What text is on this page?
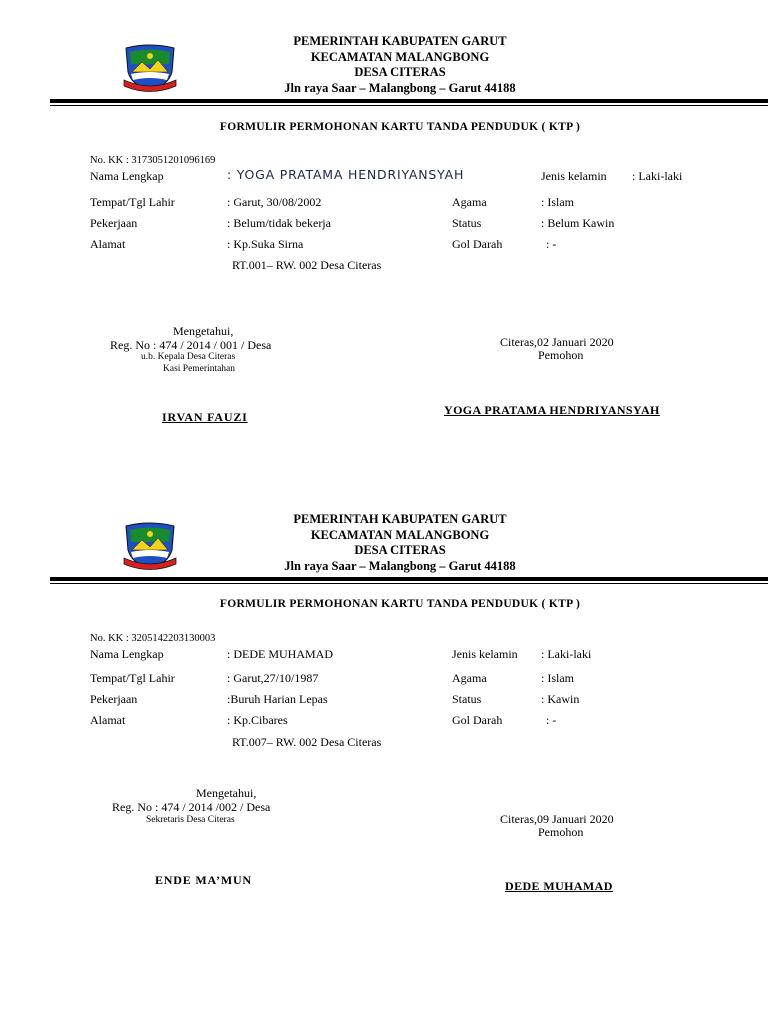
PEMERINTAH KABUPATEN GARUT
KECAMATAN MALANGBONG
DESA CITERAS
Jln raya Saar – Malangbong – Garut 44188
FORMULIR PERMOHONAN KARTU TANDA PENDUDUK ( KTP )
No. KK : 3173051201096169
Nama Lengkap	: YOGA PRATAMA HENDRIYANSYAH	Jenis kelamin : Laki-laki
Tempat/Tgl Lahir	: Garut, 30/08/2002	Agama	: Islam
Pekerjaan	: Belum/tidak bekerja	Status	: Belum Kawin
Alamat	: Kp.Suka Sirna	Gol Darah	: -
RT.001– RW. 002 Desa Citeras
Mengetahui,
Reg. No : 474 / 2014 / 001 / Desa
u.b. Kepala Desa Citeras
Kasi Pemerintahan
Citeras,02 Januari 2020
Pemohon
IRVAN FAUZI	YOGA PRATAMA HENDRIYANSYAH
PEMERINTAH KABUPATEN GARUT
KECAMATAN MALANGBONG
DESA CITERAS
Jln raya Saar – Malangbong – Garut 44188
FORMULIR PERMOHONAN KARTU TANDA PENDUDUK ( KTP )
No. KK : 3205142203130003
Nama Lengkap	: DEDE MUHAMAD	Jenis kelamin : Laki-laki
Tempat/Tgl Lahir	: Garut,27/10/1987	Agama	: Islam
Pekerjaan	:Buruh Harian Lepas	Status	: Kawin
Alamat	: Kp.Cibares	Gol Darah	: -
RT.007– RW. 002 Desa Citeras
Mengetahui,
Reg. No : 474 / 2014 /002 / Desa
Sekretaris Desa Citeras	Citeras,09 Januari 2020
Pemohon
ENDE MA’MUN	DEDE MUHAMAD
